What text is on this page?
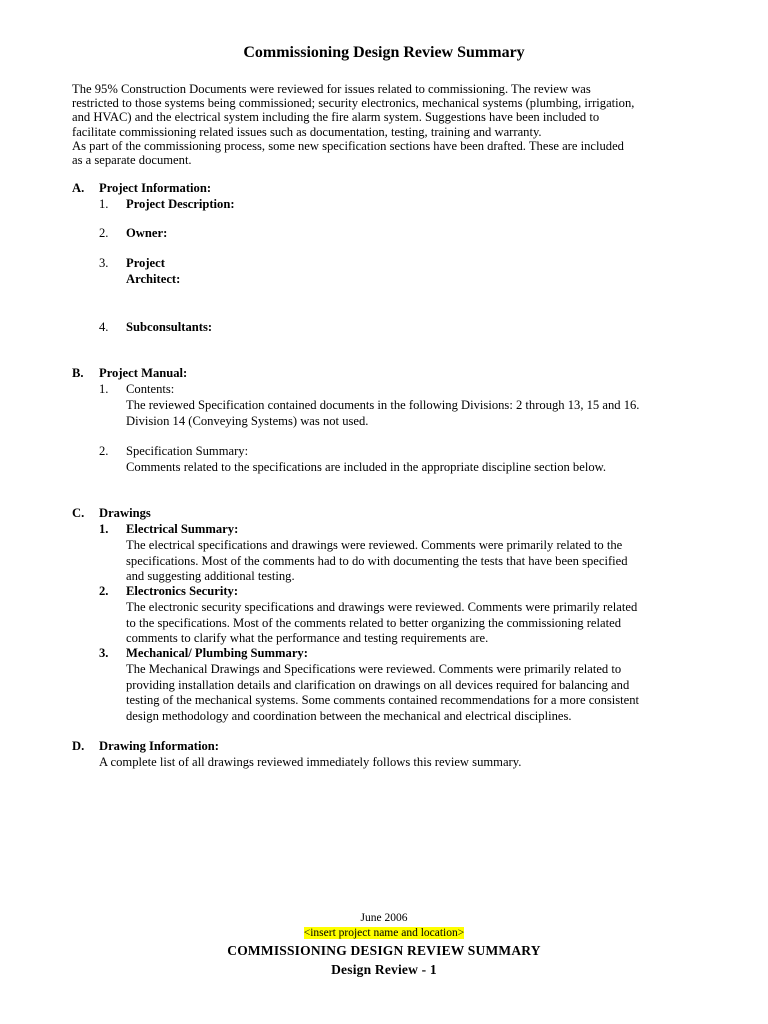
Commissioning Design Review Summary
The 95% Construction Documents were reviewed for issues related to commissioning. The review was
restricted to those systems being commissioned; security electronics, mechanical systems (plumbing, irrigation,
and HVAC) and the electrical system including the fire alarm system. Suggestions have been included to
facilitate commissioning related issues such as documentation, testing, training and warranty.
As part of the commissioning process, some new specification sections have been drafted. These are included
as a separate document.
A. Project Information:
1. Project Description:
2. Owner:
3. Project
Architect:
4. Subconsultants:
B. Project Manual:
1. Contents:
The reviewed Specification contained documents in the following Divisions: 2 through 13, 15 and 16.
Division 14 (Conveying Systems) was not used.
2. Specification Summary:
Comments related to the specifications are included in the appropriate discipline section below.
C. Drawings
1. Electrical Summary:
The electrical specifications and drawings were reviewed. Comments were primarily related to the
specifications. Most of the comments had to do with documenting the tests that have been specified
and suggesting additional testing.
2. Electronics Security:
The electronic security specifications and drawings were reviewed. Comments were primarily related
to the specifications. Most of the comments related to better organizing the commissioning related
comments to clarify what the performance and testing requirements are.
3. Mechanical/ Plumbing Summary:
The Mechanical Drawings and Specifications were reviewed. Comments were primarily related to
providing installation details and clarification on drawings on all devices required for balancing and
testing of the mechanical systems. Some comments contained recommendations for a more consistent
design methodology and coordination between the mechanical and electrical disciplines.
D. Drawing Information:
A complete list of all drawings reviewed immediately follows this review summary.
June 2006
<insert project name and location>
COMMISSIONING DESIGN REVIEW SUMMARY
Design Review - 1
